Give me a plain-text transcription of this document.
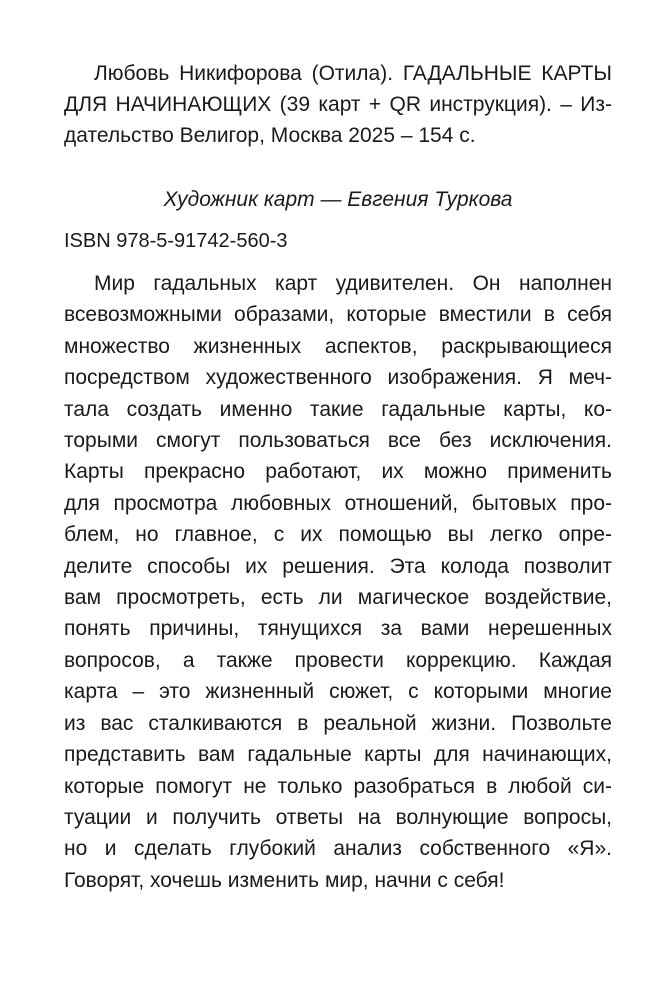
Любовь Никифорова (Отила). ГАДАЛЬНЫЕ КАРТЫ
ДЛЯ НАЧИНАЮЩИХ (39 карт + QR инструкция). – Из-
дательство Велигор, Москва 2025 – 154 с.
Художник карт — Евгения Туркова
ISBN 978-5-91742-560-3
Мир гадальных карт удивителен. Он наполнен
всевозможными образами, которые вместили в себя
множество жизненных аспектов, раскрывающиеся
посредством художественного изображения. Я меч-
тала создать именно такие гадальные карты, ко-
торыми смогут пользоваться все без исключения.
Карты прекрасно работают, их можно применить
для просмотра любовных отношений, бытовых про-
блем, но главное, с их помощью вы легко опре-
делите способы их решения. Эта колода позволит
вам просмотреть, есть ли магическое воздействие,
понять причины, тянущихся за вами нерешенных
вопросов, а также провести коррекцию. Каждая
карта – это жизненный сюжет, с которыми многие
из вас сталкиваются в реальной жизни. Позвольте
представить вам гадальные карты для начинающих,
которые помогут не только разобраться в любой си-
туации и получить ответы на волнующие вопросы,
но и сделать глубокий анализ собственного «Я».
Говорят, хочешь изменить мир, начни с себя!
